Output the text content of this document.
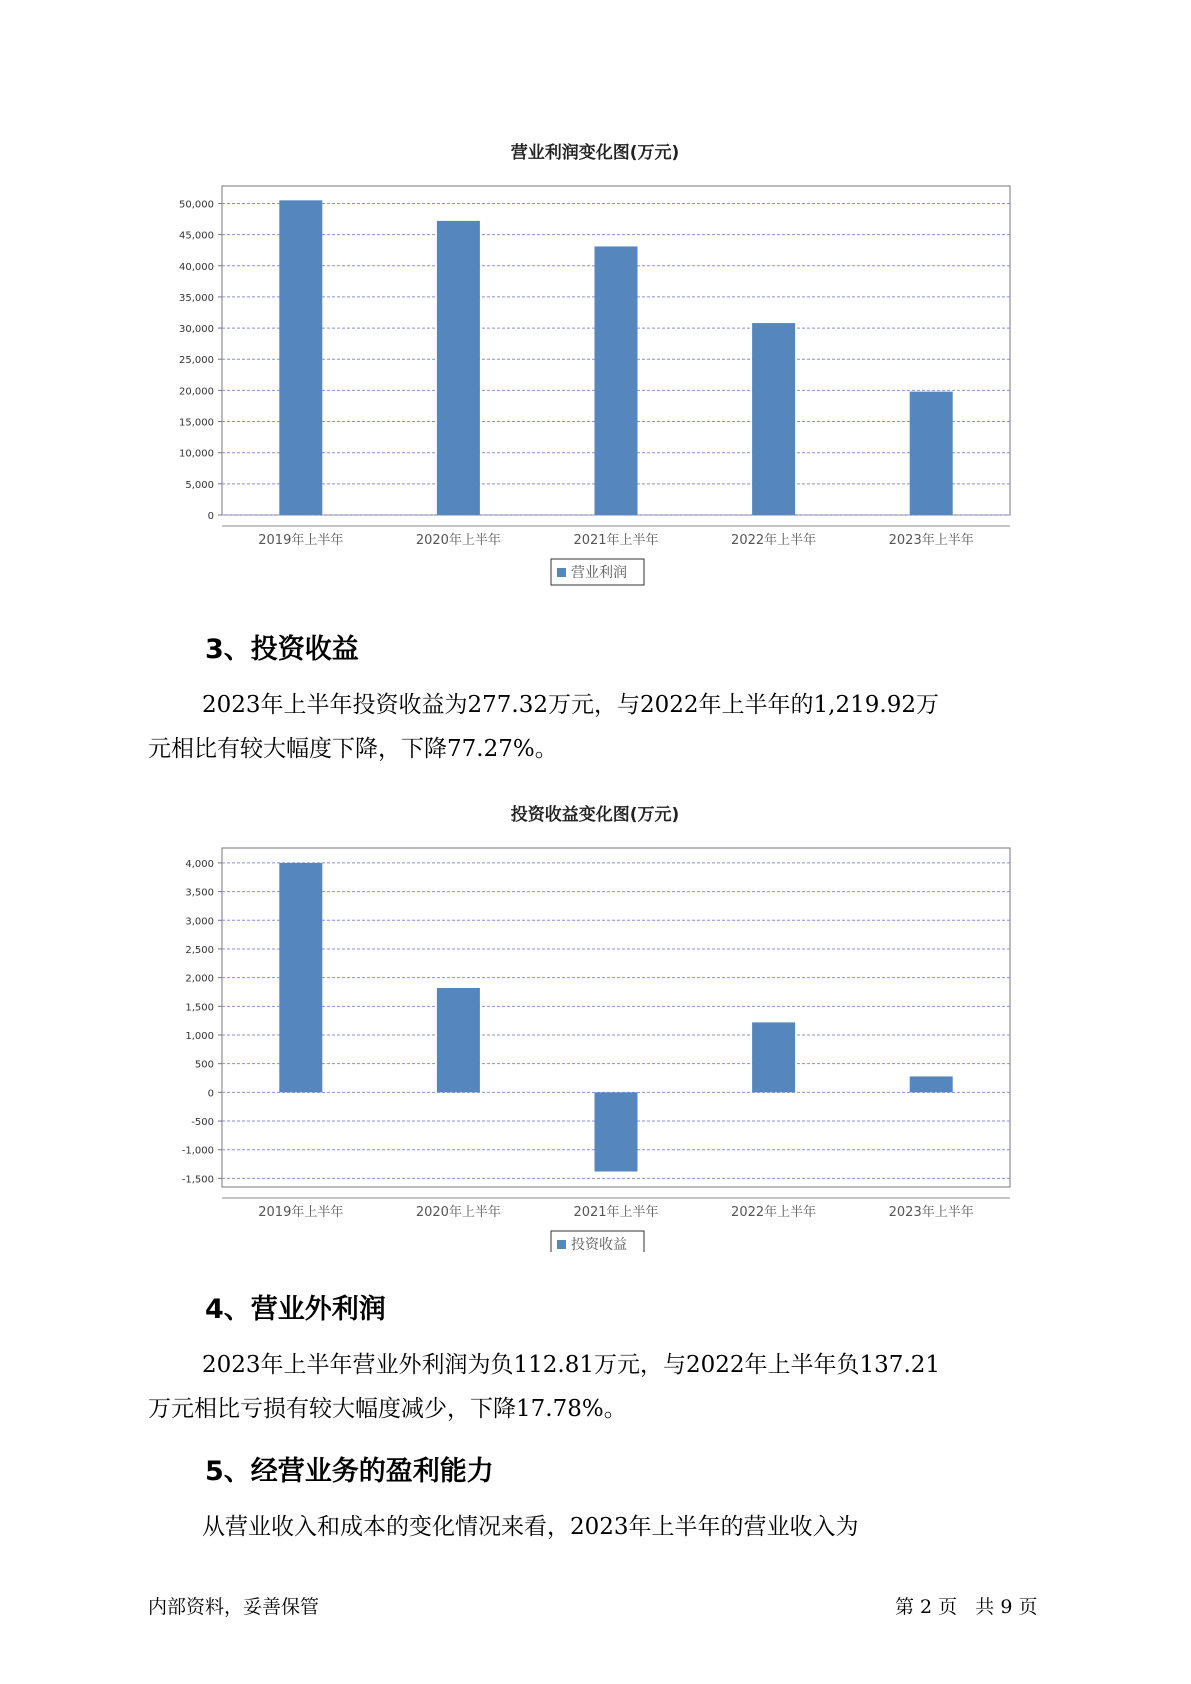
营业利润变化图(万元)
0
5,000
10,000
15,000
20,000
25,000
30,000
35,000
40,000
45,000
50,000
2019年上半年	2020年上半年	2021年上半年	2022年上半年	2023年上半年
营业利润
3、投资收益

2023年上半年投资收益为277.32万元，与2022年上半年的1,219.92万
元相比有较大幅度下降，下降77.27%。

投资收益变化图(万元)
-1,500
-1,000
-500
0
500
1,000
1,500
2,000
2,500
3,000
3,500
4,000
2019年上半年	2020年上半年	2021年上半年	2022年上半年	2023年上半年
投资收益
4、营业外利润

2023年上半年营业外利润为负112.81万元，与2022年上半年负137.21
万元相比亏损有较大幅度减少，下降17.78%。

5、经营业务的盈利能力

从营业收入和成本的变化情况来看，2023年上半年的营业收入为

内部资料，妥善保管	第 2 页   共 9 页
